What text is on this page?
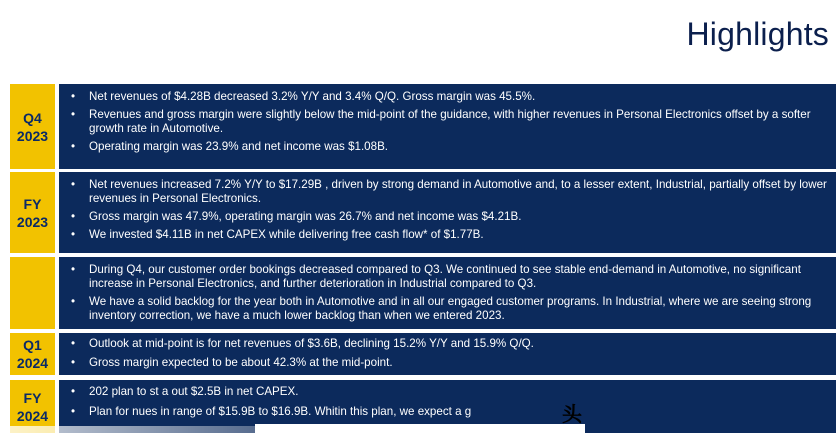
Highlights
Q4
2023
• Net revenues of $4.28B decreased 3.2% Y/Y and 3.4% Q/Q. Gross margin was 45.5%.
• Revenues and gross margin were slightly below the mid-point of the guidance, with higher revenues in Personal Electronics offset by a softer growth rate in Automotive.
• Operating margin was 23.9% and net income was $1.08B.
FY
2023
• Net revenues increased 7.2% Y/Y to $17.29B , driven by strong demand in Automotive and, to a lesser extent, Industrial, partially offset by lower revenues in Personal Electronics.
• Gross margin was 47.9%, operating margin was 26.7% and net income was $4.21B.
• We invested $4.11B in net CAPEX while delivering free cash flow* of $1.77B.
• During Q4, our customer order bookings decreased compared to Q3. We continued to see stable end-demand in Automotive, no significant increase in Personal Electronics, and further deterioration in Industrial compared to Q3.
• We have a solid backlog for the year both in Automotive and in all our engaged customer programs. In Industrial, where we are seeing strong inventory correction, we have a much lower backlog than when we entered 2023.
Q1
2024
• Outlook at mid-point is for net revenues of $3.6B, declining 15.2% Y/Y and 15.9% Q/Q.
• Gross margin expected to be about 42.3% at the mid-point.
FY
2024
• 202 plan to st a out $2.5B in net CAPEX.
• Plan for nues in range of $15.9B to $16.9B. Whitin this plan, we expect a g	头
